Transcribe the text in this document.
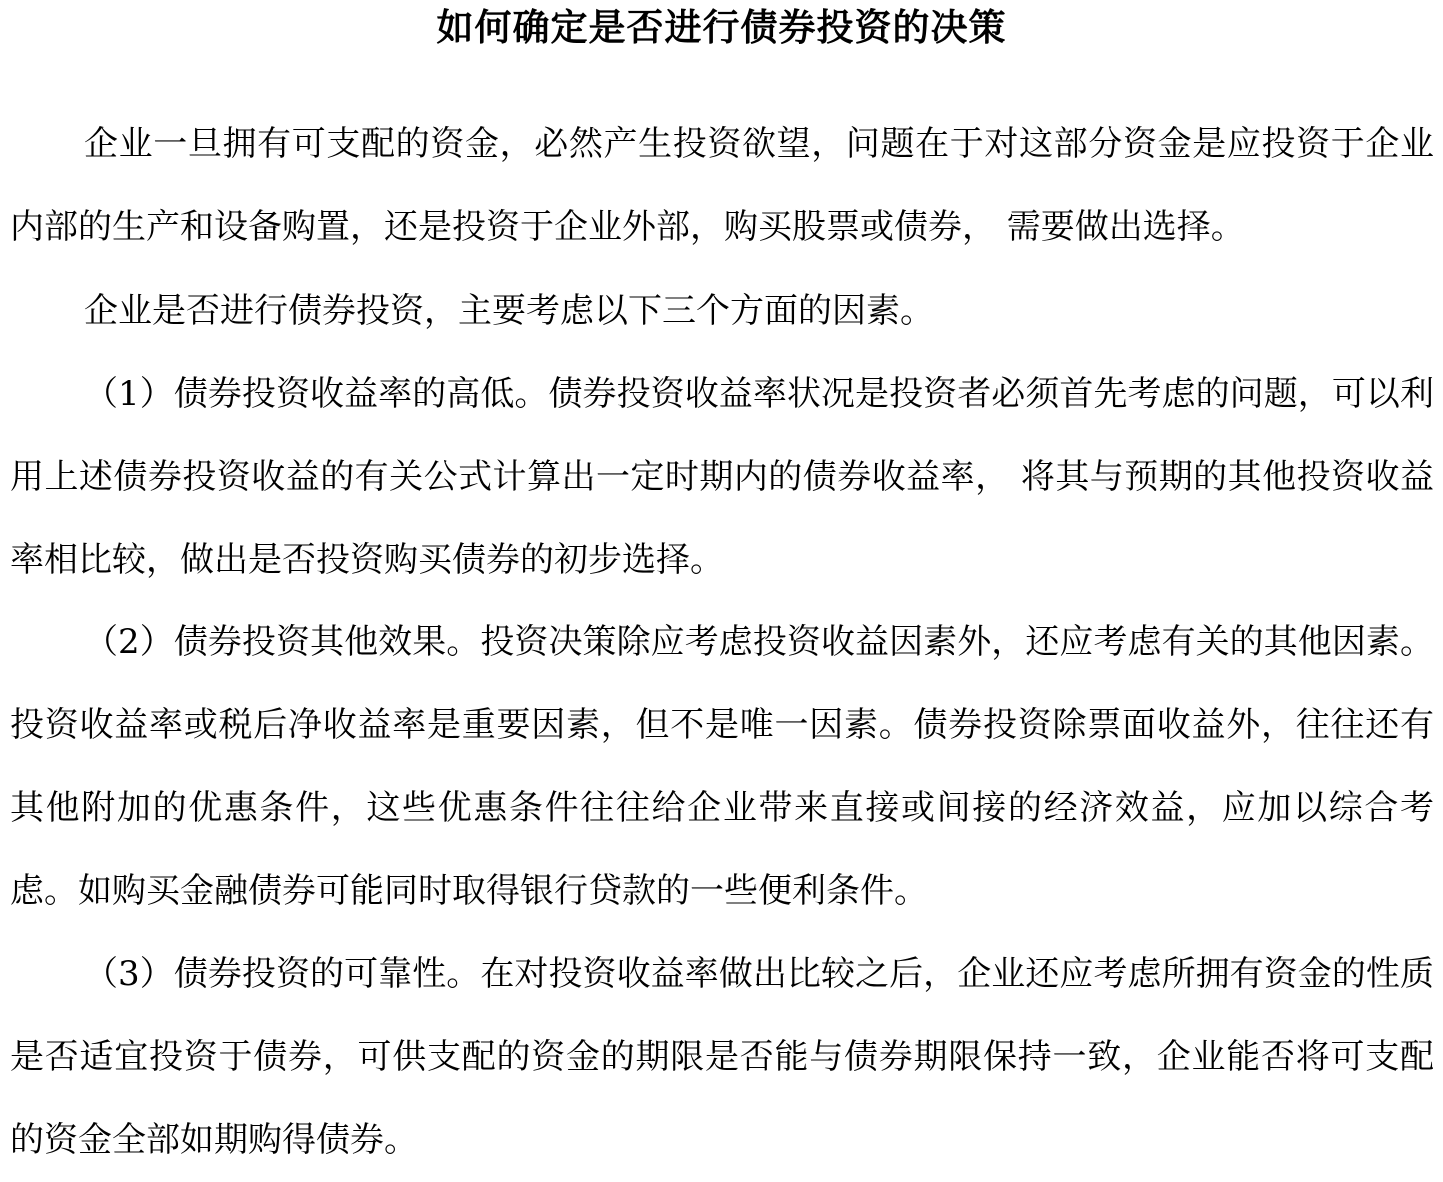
如何确定是否进行债券投资的决策

企业一旦拥有可支配的资金，必然产生投资欲望，问题在于对这部分资金是应投资于企业内部的生产和设备购置，还是投资于企业外部，购买股票或债券， 需要做出选择。

企业是否进行债券投资，主要考虑以下三个方面的因素。

（1）债券投资收益率的高低。债券投资收益率状况是投资者必须首先考虑的问题，可以利用上述债券投资收益的有关公式计算出一定时期内的债券收益率， 将其与预期的其他投资收益率相比较，做出是否投资购买债券的初步选择。

（2）债券投资其他效果。投资决策除应考虑投资收益因素外，还应考虑有关的其他因素。投资收益率或税后净收益率是重要因素，但不是唯一因素。债券投资除票面收益外，往往还有其他附加的优惠条件，这些优惠条件往往给企业带来直接或间接的经济效益，应加以综合考虑。如购买金融债券可能同时取得银行贷款的一些便利条件。

（3）债券投资的可靠性。在对投资收益率做出比较之后，企业还应考虑所拥有资金的性质是否适宜投资于债券，可供支配的资金的期限是否能与债券期限保持一致，企业能否将可支配的资金全部如期购得债券。
